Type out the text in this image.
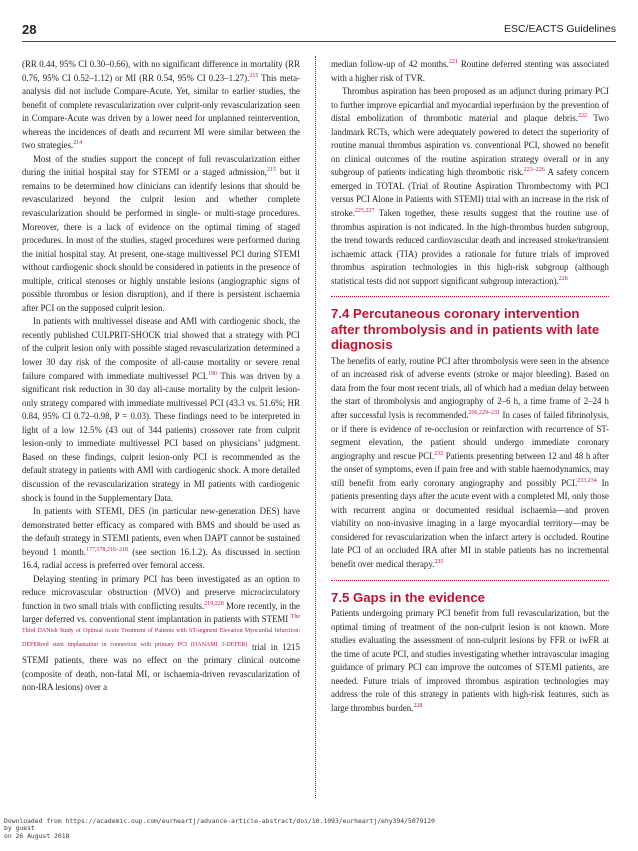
28	ESC/EACTS Guidelines

(RR 0.44, 95% CI 0.30–0.66), with no significant difference in mortality (RR 0.76, 95% CI 0.52–1.12) or MI (RR 0.54, 95% CI 0.23–1.27).$^{215}$ This meta-analysis did not include Compare-Acute. Yet, similar to earlier studies, the benefit of complete revascularization over culprit-only revascularization seen in Compare-Acute was driven by a lower need for unplanned reintervention, whereas the incidences of death and recurrent MI were similar between the two strategies.$^{214}$

Most of the studies support the concept of full revascularization either during the initial hospital stay for STEMI or a staged admission,$^{215}$ but it remains to be determined how clinicians can identify lesions that should be revascularized beyond the culprit lesion and whether complete revascularization should be performed in single- or multi-stage procedures. Moreover, there is a lack of evidence on the optimal timing of staged procedures. In most of the studies, staged procedures were performed during the initial hospital stay. At present, one-stage multivessel PCI during STEMI without cardiogenic shock should be considered in patients in the presence of multiple, critical stenoses or highly unstable lesions (angiographic signs of possible thrombus or lesion disruption), and if there is persistent ischaemia after PCI on the supposed culprit lesion.

In patients with multivessel disease and AMI with cardiogenic shock, the recently published CULPRIT-SHOCK trial showed that a strategy with PCI of the culprit lesion only with possible staged revascularization determined a lower 30 day risk of the composite of all-cause mortality or severe renal failure compared with immediate multivessel PCI.$^{190}$ This was driven by a significant risk reduction in 30 day all-cause mortality by the culprit lesion-only strategy compared with immediate multivessel PCI (43.3 vs. 51.6%; HR 0.84, 95% CI 0.72–0.98, P = 0.03). These findings need to be interpreted in light of a low 12.5% (43 out of 344 patients) crossover rate from culprit lesion-only to immediate multivessel PCI based on physicians’ judgment. Based on these findings, culprit lesion-only PCI is recommended as the default strategy in patients with AMI with cardiogenic shock. A more detailed discussion of the revascularization strategy in MI patients with cardiogenic shock is found in the Supplementary Data.

In patients with STEMI, DES (in particular new-generation DES) have demonstrated better efficacy as compared with BMS and should be used as the default strategy in STEMI patients, even when DAPT cannot be sustained beyond 1 month.$^{177,178,216-218}$ (see section 16.1.2). As discussed in section 16.4, radial access is preferred over femoral access.

Delaying stenting in primary PCI has been investigated as an option to reduce microvascular obstruction (MVO) and preserve microcirculatory function in two small trials with conflicting results.$^{219,220}$ More recently, in the larger deferred vs. conventional stent implantation in patients with STEMI $^{The Third DANish Study of Optimal Acute Treatment of Patients with ST-segment Elevation Myocardial Infarction: DEFERred stent implantation in connection with primary PCI (DANAMI 3-DEFER)}$ trial in 1215 STEMI patients, there was no effect on the primary clinical outcome (composite of death, non-fatal MI, or ischaemia-driven revascularization of non-IRA lesions) over a

median follow-up of 42 months.$^{221}$ Routine deferred stenting was associated with a higher risk of TVR.

Thrombus aspiration has been proposed as an adjunct during primary PCI to further improve epicardial and myocardial reperfusion by the prevention of distal embolization of thrombotic material and plaque debris.$^{222}$ Two landmark RCTs, which were adequately powered to detect the superiority of routine manual thrombus aspiration vs. conventional PCI, showed no benefit on clinical outcomes of the routine aspiration strategy overall or in any subgroup of patients indicating high thrombotic risk.$^{223-226}$ A safety concern emerged in TOTAL (Trial of Routine Aspiration Thrombectomy with PCI versus PCI Alone in Patients with STEMI) trial with an increase in the risk of stroke.$^{225,227}$ Taken together, these results suggest that the routine use of thrombus aspiration is not indicated. In the high-thrombus burden subgroup, the trend towards reduced cardiovascular death and increased stroke/transient ischaemic attack (TIA) provides a rationale for future trials of improved thrombus aspiration technologies in this high-risk subgroup (although statistical tests did not support significant subgroup interaction).$^{228}$

7.4 Percutaneous coronary intervention after thrombolysis and in patients with late diagnosis

The benefits of early, routine PCI after thrombolysis were seen in the absence of an increased risk of adverse events (stroke or major bleeding). Based on data from the four most recent trials, all of which had a median delay between the start of thrombolysis and angiography of 2–6 h, a time frame of 2–24 h after successful lysis is recommended.$^{206,229-231}$ In cases of failed fibrinolysis, or if there is evidence of re-occlusion or reinfarction with recurrence of ST-segment elevation, the patient should undergo immediate coronary angiography and rescue PCI.$^{232}$ Patients presenting between 12 and 48 h after the onset of symptoms, even if pain free and with stable haemodynamics, may still benefit from early coronary angiography and possibly PCI.$^{233,234}$ In patients presenting days after the acute event with a completed MI, only those with recurrent angina or documented residual ischaemia—and proven viability on non-invasive imaging in a large myocardial territory—may be considered for revascularization when the infarct artery is occluded. Routine late PCI of an occluded IRA after MI in stable patients has no incremental benefit over medical therapy.$^{235}$

7.5 Gaps in the evidence

Patients undergoing primary PCI benefit from full revascularization, but the optimal timing of treatment of the non-culprit lesion is not known. More studies evaluating the assessment of non-culprit lesions by FFR or iwFR at the time of acute PCI, and studies investigating whether intravascular imaging guidance of primary PCI can improve the outcomes of STEMI patients, are needed. Future trials of improved thrombus aspiration technologies may address the role of this strategy in patients with high-risk features, such as large thrombus burden.$^{228}$

Downloaded from https://academic.oup.com/eurheartj/advance-article-abstract/doi/10.1093/eurheartj/ehy394/5079120
by guest
on 26 August 2018
